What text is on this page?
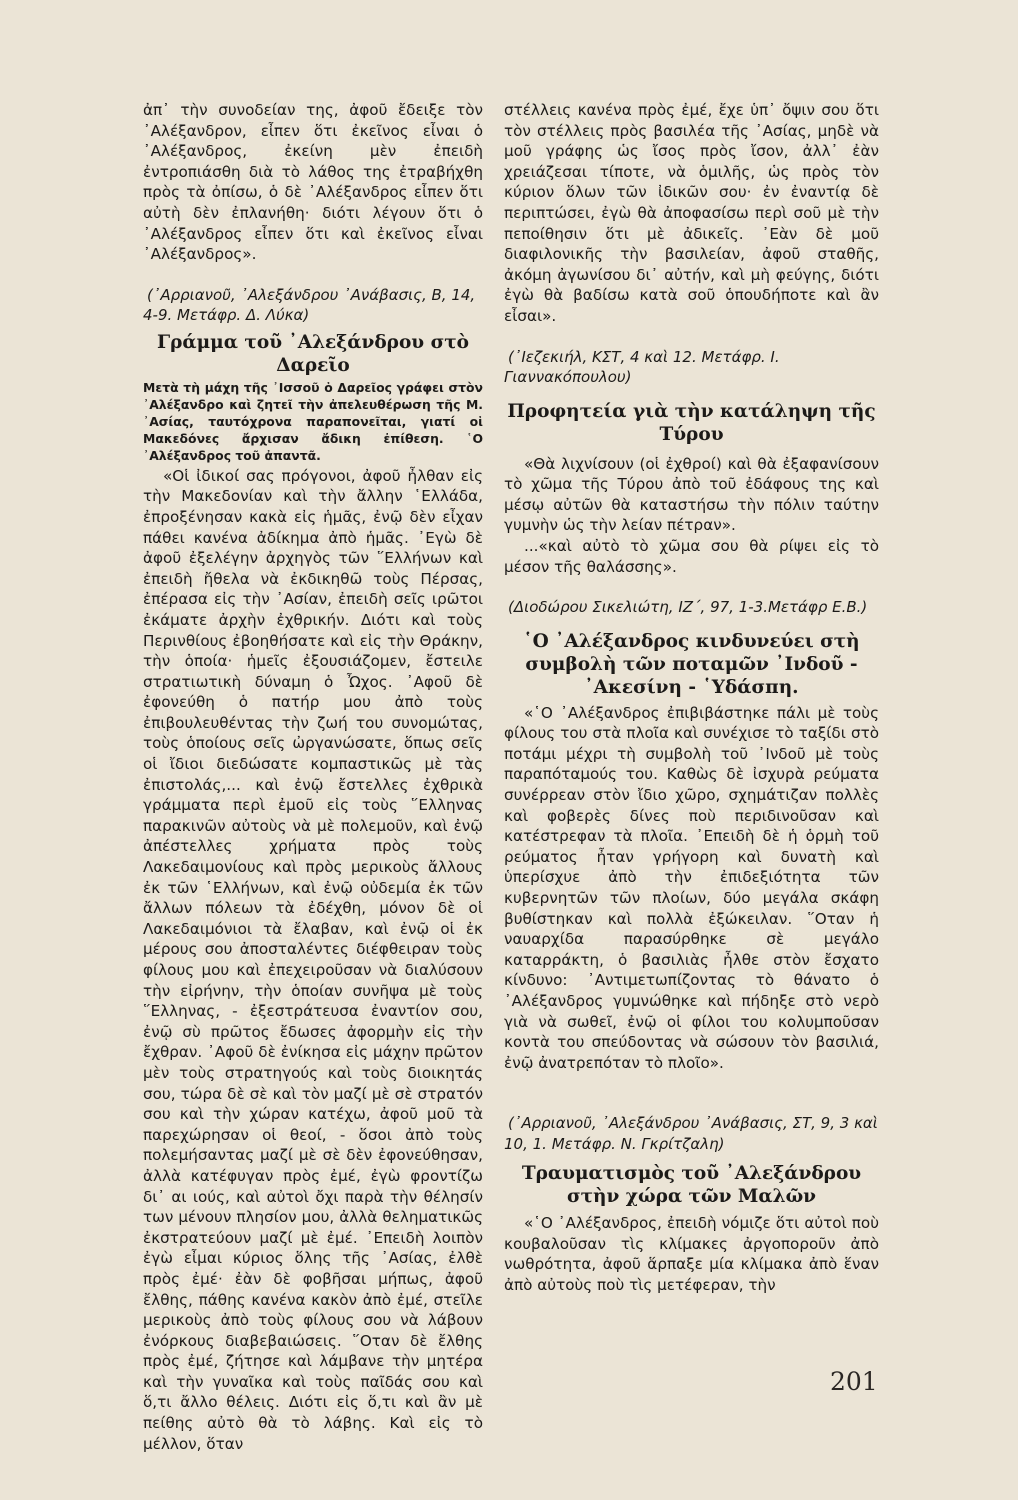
ἀπ᾿ τὴν συνοδείαν της, ἀφοῦ ἔδειξε τὸν ᾿Αλέξανδρον, εἶπεν ὅτι ἐκεῖνος εἶναι ὁ ᾿Αλέξανδρος, ἐκείνη μὲν ἐπειδὴ ἐντροπιάσθη διὰ τὸ λάθος της ἐτραβήχθη πρὸς τὰ ὀπίσω, ὁ δὲ ᾿Αλέξανδρος εἶπεν ὅτι αὐτὴ δὲν ἐπλανήθη· διότι λέγουν ὅτι ὁ ᾿Αλέξανδρος εἶπεν ὅτι καὶ ἐκεῖνος εἶναι ᾿Αλέξανδρος».

(᾿Αρριανοῦ, ᾿Αλεξάνδρου ᾿Ανάβασις, Β, 14, 4-9. Μετάφρ. Δ. Λύκα)

Γράμμα τοῦ ᾿Αλεξάνδρου στὸ Δαρεῖο

Μετὰ τὴ μάχη τῆς ᾿Ισσοῦ ὁ Δαρεῖος γράφει στὸν ᾿Αλέξανδρο καὶ ζητεῖ τὴν ἀπελευθέρωση τῆς Μ. ᾿Ασίας, ταυτόχρονα παραπονεῖται, γιατί οἱ Μακεδόνες ἄρχισαν ἄδικη ἐπίθεση. ῾Ο ᾿Αλέξανδρος τοῦ ἀπαντᾶ.

«Οἱ ἰδικοί σας πρόγονοι, ἀφοῦ ἦλθαν εἰς τὴν Μακεδονίαν καὶ τὴν ἄλλην ῾Ελλάδα, ἐπροξένησαν κακὰ εἰς ἡμᾶς, ἐνῷ δὲν εἶχαν πάθει κανένα ἀδίκημα ἀπὸ ἡμᾶς. ᾿Εγὼ δὲ ἀφοῦ ἐξελέγην ἀρχηγὸς τῶν ῞Ελλήνων καὶ ἐπειδὴ ἤθελα νὰ ἐκδικηθῶ τοὺς Πέρσας, ἐπέρασα εἰς τὴν ᾿Ασίαν, ἐπειδὴ σεῖς ιρῶτοι ἐκάματε ἀρχὴν ἐχθρικήν. Διότι καὶ τοὺς Περινθίους ἐβοηθήσατε καὶ εἰς τὴν Θράκην, τὴν ὁποία· ἡμεῖς ἐξουσιάζομεν, ἔστειλε στρατιωτικὴ δύναμη ὁ Ὦχος. ᾿Αφοῦ δὲ ἐφονεύθη ὁ πατήρ μου ἀπὸ τοὺς ἐπιβουλευθέντας τὴν ζωή του συνομώτας, τοὺς ὁποίους σεῖς ὠργανώσατε, ὅπως σεῖς οἱ ἴδιοι διεδώσατε κομπαστικῶς μὲ τὰς ἐπιστολάς,... καὶ ἐνῷ ἔστελλες ἐχθρικὰ γράμματα περὶ ἐμοῦ εἰς τοὺς ῞Ελληνας παρακινῶν αὐτοὺς νὰ μὲ πολεμοῦν, καὶ ἐνῷ ἀπέστελλες χρήματα πρὸς τοὺς Λακεδαιμονίους καὶ πρὸς μερικοὺς ἄλλους ἐκ τῶν ῾Ελλήνων, καὶ ἐνῷ οὐδεμία ἐκ τῶν ἄλλων πόλεων τὰ ἐδέχθη, μόνον δὲ οἱ Λακεδαιμόνιοι τὰ ἔλαβαν, καὶ ἐνῷ οἱ ἐκ μέρους σου ἀποσταλέντες διέφθειραν τοὺς φίλους μου καὶ ἐπεχειροῦσαν νὰ διαλύσουν τὴν εἰρήνην, τὴν ὁποίαν συνῆψα μὲ τοὺς ῞Ελληνας, - ἐξεστράτευσα ἐναντίον σου, ἐνῷ σὺ πρῶτος ἔδωσες ἀφορμὴν εἰς τὴν ἔχθραν. ᾿Αφοῦ δὲ ἐνίκησα εἰς μάχην πρῶτον μὲν τοὺς στρατηγούς καὶ τοὺς διοικητάς σου, τώρα δὲ σὲ καὶ τὸν μαζί μὲ σὲ στρατόν σου καὶ τὴν χώραν κατέχω, ἀφοῦ μοῦ τὰ παρεχώρησαν οἱ θεοί, - ὅσοι ἀπὸ τοὺς πολεμήσαντας μαζί μὲ σὲ δὲν ἐφονεύθησαν, ἀλλὰ κατέφυγαν πρὸς ἐμέ, ἐγὼ φροντίζω δι᾿ αι ιούς, καὶ αὐτοὶ ὄχι παρὰ τὴν θέλησίν των μένουν πλησίον μου, ἀλλὰ θεληματικῶς ἐκστρατεύουν μαζί μὲ ἐμέ. ᾿Επειδὴ λοιπὸν ἐγὼ εἶμαι κύριος ὅλης τῆς ᾿Ασίας, ἐλθὲ πρὸς ἐμέ· ἐὰν δὲ φοβῆσαι μήπως, ἀφοῦ ἔλθης, πάθης κανένα κακὸν ἀπὸ ἐμέ, στεῖλε μερικοὺς ἀπὸ τοὺς φίλους σου νὰ λάβουν ἐνόρκους διαβεβαιώσεις. ῞Οταν δὲ ἔλθης πρὸς ἐμέ, ζήτησε καὶ λάμβανε τὴν μητέρα καὶ τὴν γυναῖκα καὶ τοὺς παῖδάς σου καὶ ὅ,τι ἄλλο θέλεις. Διότι εἰς ὅ,τι καὶ ἂν μὲ πείθης αὐτὸ θὰ τὸ λάβης. Καὶ εἰς τὸ μέλλον, ὅταν

στέλλεις κανένα πρὸς ἐμέ, ἔχε ὑπ᾿ ὄψιν σου ὅτι τὸν στέλλεις πρὸς βασιλέα τῆς ᾿Ασίας, μηδὲ νὰ μοῦ γράφης ὡς ἴσος πρὸς ἴσον, ἀλλ᾿ ἐὰν χρειάζεσαι τίποτε, νὰ ὁμιλῆς, ὡς πρὸς τὸν κύριον ὅλων τῶν ἰδικῶν σου· ἐν ἐναντίᾳ δὲ περιπτώσει, ἐγὼ θὰ ἀποφασίσω περὶ σοῦ μὲ τὴν πεποίθησιν ὅτι μὲ ἀδικεῖς. ᾿Εὰν δὲ μοῦ διαφιλονικῆς τὴν βασιλείαν, ἀφοῦ σταθῆς, ἀκόμη ἀγωνίσου δι᾿ αὐτήν, καὶ μὴ φεύγης, διότι ἐγὼ θὰ βαδίσω κατὰ σοῦ ὁπουδήποτε καὶ ἂν εἶσαι».

(᾿Ιεζεκιήλ, ΚΣΤ, 4 καὶ 12. Μετάφρ. Ι. Γιαννακόπουλου)

Προφητεία γιὰ τὴν κατάληψη τῆς Τύρου

«Θὰ λιχνίσουν (οἱ ἐχθροί) καὶ θὰ ἐξαφανίσουν τὸ χῶμα τῆς Τύρου ἀπὸ τοῦ ἐδάφους της καὶ μέσῳ αὐτῶν θὰ καταστήσω τὴν πόλιν ταύτην γυμνὴν ὡς τὴν λείαν πέτραν».

...«καὶ αὐτὸ τὸ χῶμα σου θὰ ρίψει εἰς τὸ μέσον τῆς θαλάσσης».

(Διοδώρου Σικελιώτη, ΙΖ΄, 97, 1-3.Μετάφρ Ε.Β.)

῾Ο ᾿Αλέξανδρος κινδυνεύει στὴ συμβολὴ τῶν ποταμῶν ᾿Ινδοῦ - ᾿Ακεσίνη - ῾Υδάσπη.

«῾Ο ᾿Αλέξανδρος ἐπιβιβάστηκε πάλι μὲ τοὺς φίλους του στὰ πλοῖα καὶ συνέχισε τὸ ταξίδι στὸ ποτάμι μέχρι τὴ συμβολὴ τοῦ ᾿Ινδοῦ μὲ τοὺς παραπόταμούς του. Καθὼς δὲ ἰσχυρὰ ρεύματα συνέρρεαν στὸν ἴδιο χῶρο, σχημάτιζαν πολλὲς καὶ φοβερὲς δίνες ποὺ περιδινοῦσαν καὶ κατέστρεφαν τὰ πλοῖα. ᾿Επειδὴ δὲ ἡ ὁρμὴ τοῦ ρεύματος ἦταν γρήγορη καὶ δυνατὴ καὶ ὑπερίσχυε ἀπὸ τὴν ἐπιδεξιότητα τῶν κυβερνητῶν τῶν πλοίων, δύο μεγάλα σκάφη βυθίστηκαν καὶ πολλὰ ἐξώκειλαν. ῞Οταν ἡ ναυαρχίδα παρασύρθηκε σὲ μεγάλο καταρράκτη, ὁ βασιλιὰς ἦλθε στὸν ἔσχατο κίνδυνο: ᾿Αντιμετωπίζοντας τὸ θάνατο ὁ ᾿Αλέξανδρος γυμνώθηκε καὶ πήδηξε στὸ νερὸ γιὰ νὰ σωθεῖ, ἐνῷ οἱ φίλοι του κολυμποῦσαν κοντὰ του σπεύδοντας νὰ σώσουν τὸν βασιλιά, ἐνῷ ἀνατρεπόταν τὸ πλοῖο».

(᾿Αρριανοῦ, ᾿Αλεξάνδρου ᾿Ανάβασις, ΣΤ, 9, 3 καὶ 10, 1. Μετάφρ. Ν. Γκρίτζαλη)

Τραυματισμὸς τοῦ ᾿Αλεξάνδρου στὴν χώρα τῶν Μαλῶν

«῾Ο ᾿Αλέξανδρος, ἐπειδὴ νόμιζε ὅτι αὐτοὶ ποὺ κουβαλοῦσαν τὶς κλίμακες ἀργοποροῦν ἀπὸ νωθρότητα, ἀφοῦ ἅρπαξε μία κλίμακα ἀπὸ ἕναν ἀπὸ αὐτοὺς ποὺ τὶς μετέφεραν, τὴν

201
